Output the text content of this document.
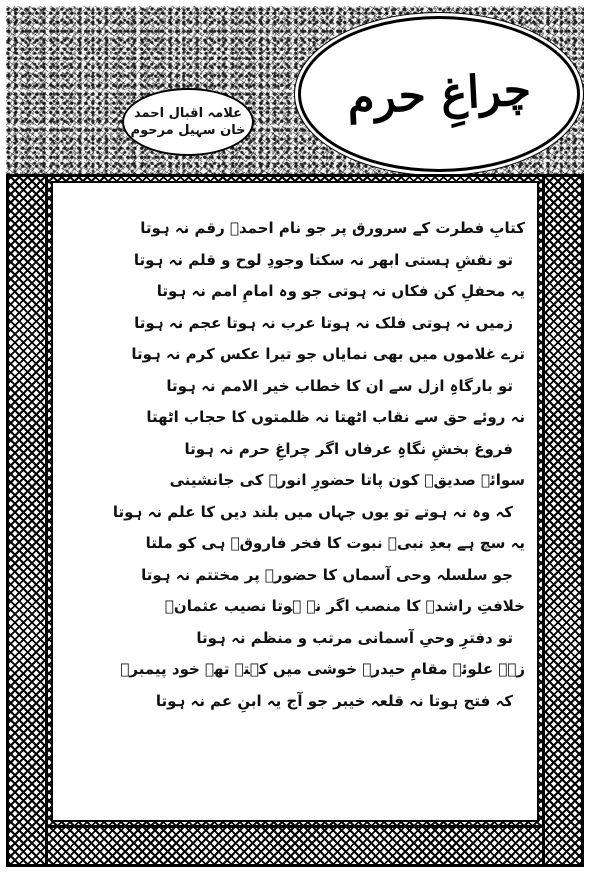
چراغِ حرم
علامہ اقبال احمد
خان سہیل مرحوم
کتابِ فطرت کے سرورق پر جو نام احمدؐ رقم نہ ہوتا
تو نقشِ ہستی ابھر نہ سکتا وجودِ لوح و قلم نہ ہوتا
یہ محفلِ کن فکاں نہ ہوتی جو وہ امامِ امم نہ ہوتا
زمیں نہ ہوتی فلک نہ ہوتا عرب نہ ہوتا عجم نہ ہوتا
ترے غلاموں میں بھی نمایاں جو تیرا عکس کرم نہ ہوتا
تو بارگاہِ ازل سے ان کا خطاب خیر الامم نہ ہوتا
نہ روئے حق سے نقاب اٹھتا نہ ظلمتوں کا حجاب اٹھتا
فروغ بخشِ نگاہِ عرفاں اگر چراغِ حرم نہ ہوتا
سوائے صدیقؓ کون پاتا حضورِ انورؐ کی جانشینی
کہ وہ نہ ہوتے تو یوں جہاں میں بلند دیں کا علم نہ ہوتا
یہ سچ ہے بعدِ نبیؐ نبوت کا فخر فاروقؓ ہی کو ملتا
جو سلسلہ وحی آسماں کا حضورؐ پر مختتم نہ ہوتا
خلافتِ راشدہ کا منصب اگر نہ ہوتا نصیب عثمانؓ
تو دفترِ وحیِ آسمانی مرتب و منظم نہ ہوتا
زہے علوئے مقامِ حیدرؓ خوشی میں کہتے تھے خود پیمبرؐ
کہ فتح ہوتا نہ قلعہ خیبر جو آج یہ ابنِ عم نہ ہوتا
